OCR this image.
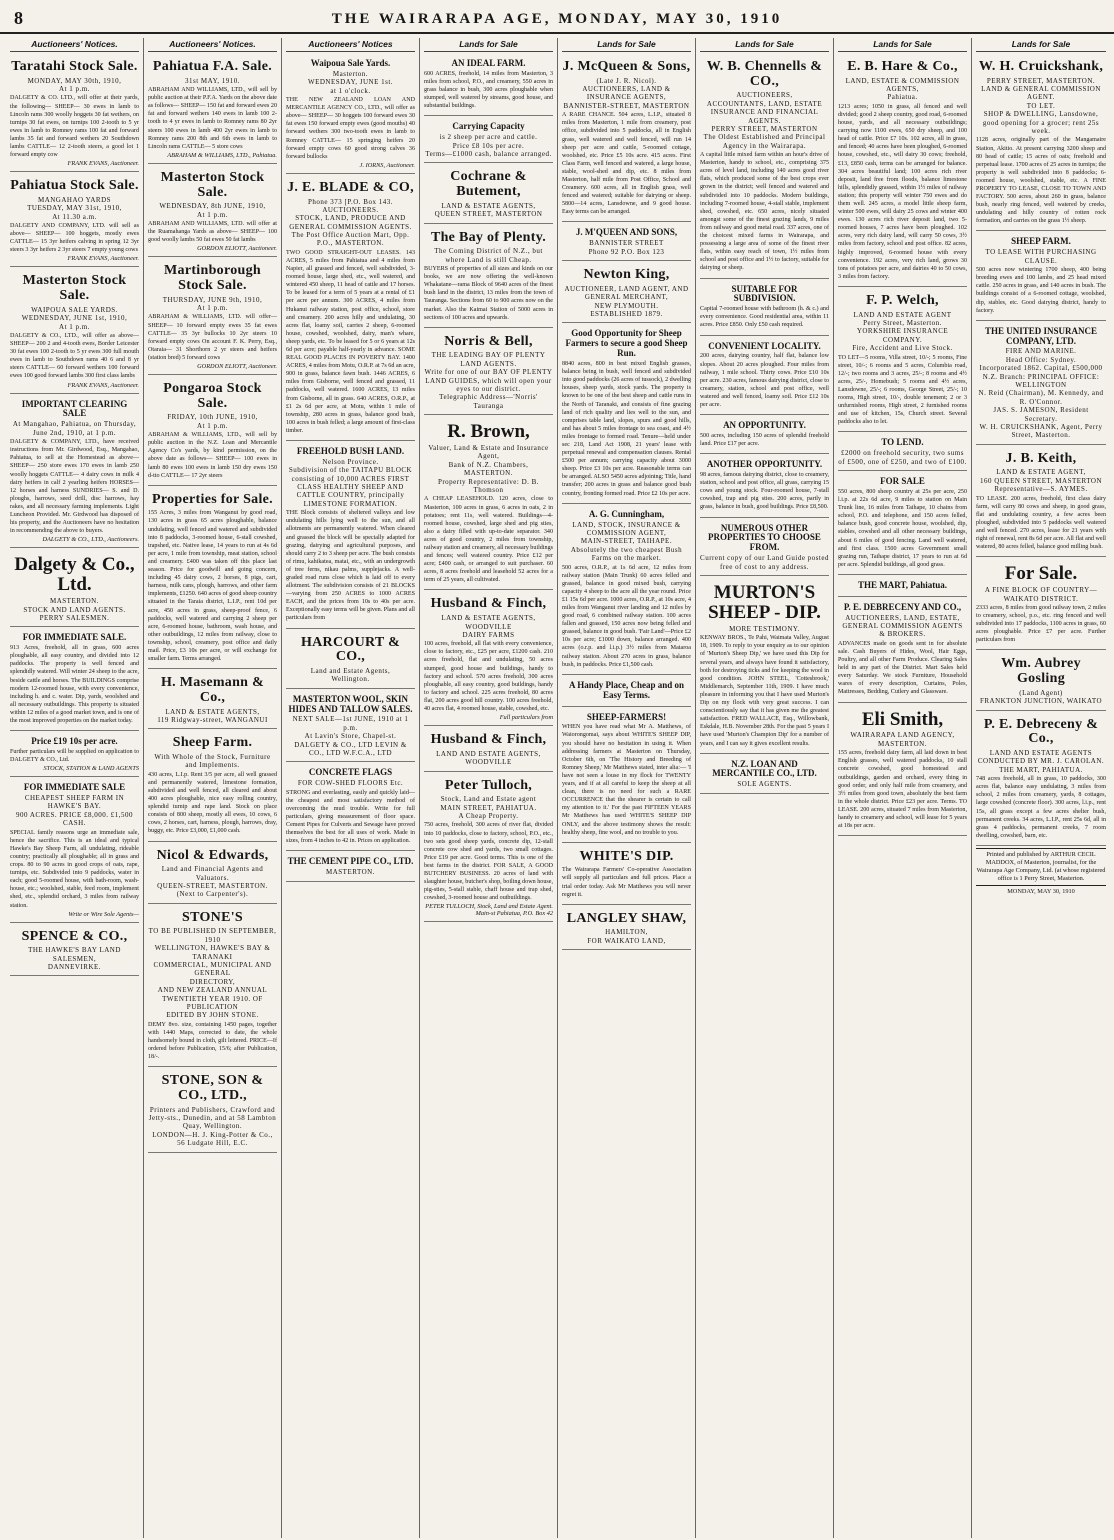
8	THE WAIRARAPA AGE, MONDAY, MAY 30, 1910
Auctioneers' Notices.
Taratahi Stock Sale.
MONDAY, MAY 30th, 1910,
At 1 p.m.
DALGETY & CO. LTD., will offer at their yards, the following— SHEEP— 30 ewes in lamb to Lincoln rams 300 woolly hoggets 30 fat wethers, on turnips 30 fat ewes, on turnips 100 2-tooth to 5 yr ewes in lamb to Romney rams 100 fat and forward lambs 35 fat and forward wethers 20 Southdown lambs CATTLE— 12 2-tooth steers, a good lot 1 forward empty cow
FRANK EVANS, Auctioneer.
Pahiatua Stock Sale.
MANGAHAO YARDS
TUESDAY, MAY 31st, 1910,
At 11.30 a.m.
DALGETY AND COMPANY, LTD. will sell as above— SHEEP— 100 hoggets, mostly ewes CATTLE— 15 3yr heifers calving in spring 12 3yr steers 3 3yr heifers 2 3yr steers 7 empty young cows
FRANK EVANS, Auctioneer.
Masterton Stock Sale.
WAIPOUA SALE YARDS.
WEDNESDAY, JUNE 1st, 1910,
At 1 p.m.
DALGETY & CO., LTD., will offer as above— SHEEP— 200 2 and 4-tooth ewes, Border Leicester 30 fat ewes 100 2-tooth to 5 yr ewes 300 full mouth ewes in lamb to Southdown rams 40 6 and 8 yr steers CATTLE— 60 forward wethers 100 forward ewes 100 good forward lambs 300 first class lambs
FRANK EVANS, Auctioneer.
IMPORTANT CLEARING SALE
At Mangahao, Pahiatua, on Thursday, June 2nd, 1910, at 1 p.m.
DALGETY & COMPANY, LTD., have received instructions from Mr. Girdwood, Esq., Mangahao, Pahiatua, to sell at the Homestead as above— SHEEP— 250 store ewes 170 ewes in lamb 250 woolly hoggets CATTLE— 4 dairy cows in milk 4 dairy heifers in calf 2 yearling heifers HORSES— 12 horses and harness SUNDRIES— S. and D. ploughs, harrows, seed drill, disc harrows, hay rakes, and all necessary farming implements. Light Luncheon Provided. Mr. Girdwood has disposed of his property, and the Auctioneers have no hesitation in recommending the above to buyers.
DALGETY & CO., LTD., Auctioneers.
Dalgety & Co., Ltd.
MASTERTON.
STOCK AND LAND AGENTS.
PERRY SALESMEN.
FOR IMMEDIATE SALE.
913 Acres, freehold, all in grass, 600 acres ploughable, all easy country, and divided into 12 paddocks. The property is well fenced and splendidly watered. Will winter 24 sheep to the acre, beside cattle and horses. The BUILDINGS comprise modern 12-roomed house, with every convenience, including h. and c. water. Dip, yards, woolshed and all necessary outbuildings. This property is situated within 12 miles of a good market town, and is one of the most improved properties on the market today.
Price £19 10s per acre.
Further particulars will be supplied on application to DALGETY & CO., Ltd.
STOCK, STATION & LAND AGENTS
FOR IMMEDIATE SALE
CHEAPEST SHEEP FARM IN HAWKE'S BAY.
900 ACRES. PRICE £8,000. £1,500 CASH.
SPECIAL family reasons urge an immediate sale, hence the sacrifice. This is an ideal and typical Hawke's Bay Sheep Farm, all undulating, rideable country; practically all ploughable; all in grass and crops. 80 to 90 acres in good crops of oats, rape, turnips, etc. Subdivided into 9 paddocks, water in each; good 5-roomed house, with bath-room, wash-house, etc.; woolshed, stable, feed room, implement shed, etc., splendid orchard, 3 miles from railway station.
Write or Wire Sole Agents—
SPENCE & CO.,
THE HAWKE'S BAY LAND SALESMEN,
DANNEVIRKE.
Auctioneers' Notices.
Pahiatua F.A. Sale.
31st MAY, 1910.
ABRAHAM AND WILLIAMS, LTD., will sell by public auction at their P.F.A. Yards on the above date as follows— SHEEP— 150 fat and forward ewes 20 fat and forward wethers 140 ewes in lamb 100 2-tooth to 4 yr ewes in lamb to Romney rams 80 2yr steers 100 ewes in lamb 400 2yr ewes in lamb to Romney rams 200 8th and 6th ewes in lamb to Lincoln rams CATTLE— 5 store cows
ABRAHAM & WILLIAMS, LTD., Pahiatua.
Masterton Stock Sale.
WEDNESDAY, 8th JUNE, 1910,
At 1 p.m.
ABRAHAM AND WILLIAMS, LTD. will offer at the Ruamahanga Yards as above— SHEEP— 100 good woolly lambs 50 fat ewes 50 fat lambs
GORDON ELIOTT, Auctioneer.
Martinborough Stock Sale.
THURSDAY, JUNE 9th, 1910,
At 1 p.m.
ABRAHAM & WILLIAMS, LTD. will offer— SHEEP— 10 forward empty ewes 35 fat ewes CATTLE— 35 3yr bullocks 10 2yr steers 10 forward empty cows On account F. K. Perry, Esq., Otaraia— 31 Shorthorn 2 yr steers and heifers (station bred) 5 forward cows
GORDON ELIOTT, Auctioneer.
Pongaroa Stock Sale.
FRIDAY, 10th JUNE, 1910,
At 1 p.m.
ABRAHAM & WILLIAMS, LTD., will sell by public auction in the N.Z. Loan and Mercantile Agency Co's yards, by kind permission, on the above date as follows— SHEEP— 100 ewes in lamb 80 ewes 100 ewes in lamb 150 dry ewes 150 d-tto CATTLE— 17 2yr steers
Properties for Sale.
155 Acres, 3 miles from Wanganui by good road, 130 acres in grass 65 acres ploughable, balance undulating, well fenced and watered and subdivided into 8 paddocks, 3-roomed house, 6-stall cowshed, trapshed, etc. Native lease, 14 years to run at 4s 6d per acre, 1 mile from township, meat station, school and creamery. £400 was taken off this place last season. Price for goodwill and going concern, including 45 dairy cows, 2 horses, 8 pigs, cart, harness, milk cans, plough, harrows, and other farm implements, £1250. 640 acres of good sheep country situated in the Taraia district, L.I.P., rent 10d per acre, 450 acres in grass, sheep-proof fence, 6 paddocks, well watered and carrying 2 sheep per acre, 6-roomed house, bathroom, wash house, and other outbuildings, 12 miles from railway, close to township, school, creamery, post office and daily mail. Price, £3 10s per acre, or will exchange for smaller farm. Terms arranged.
H. Masemann & Co.,
LAND & ESTATE AGENTS,
119 Ridgway-street, WANGANUI
Sheep Farm.
With Whole of the Stock, Furniture and Implements.
430 acres, L.I.p. Rent 3/5 per acre, all well grassed and permanently watered, limestone formation, subdivided and well fenced, all cleared and about 400 acres ploughable, nice easy rolling country, splendid turnip and rape land. Stock on place consists of 800 sheep, mostly all ewes, 10 cows, 6 cows, 2 horses, cart, harness, plough, harrows, dray, buggy, etc. Price £3,000, £1,000 cash.
Nicol & Edwards,
Land and Financial Agents and Valuators.
QUEEN-STREET, MASTERTON. (Next to Carpenter's).
STONE'S
TO BE PUBLISHED IN SEPTEMBER, 1910
WELLINGTON, HAWKE'S BAY & TARANAKI
COMMERCIAL, MUNICIPAL AND GENERAL
DIRECTORY,
AND NEW ZEALAND ANNUAL
TWENTIETH YEAR 1910. OF PUBLICATION
EDITED BY JOHN STONE.
DEMY 8vo. size, containing 1450 pages, together with 1440 Maps, corrected to date, the whole handsomely bound in cloth, gilt lettered. PRICE—If ordered before Publication, 15/6; after Publication, 18/-.
STONE, SON & CO., LTD.,
Printers and Publishers, Crawford and Jetty-sts., Dunedin, and at 58 Lambton Quay, Wellington.
LONDON—H. J. King-Potter & Co., 56 Ludgate Hill, E.C.
Auctioneers' Notices
Waipoua Sale Yards.
Masterton.
WEDNESDAY, JUNE 1st.
at 1 o'clock.
THE NEW ZEALAND LOAN AND MERCANTILE AGENCY CO., LTD., will offer as above— SHEEP— 30 hoggets 100 forward ewes 30 fat ewes 150 forward empty ewes (good mouths) 40 forward wethers 300 two-tooth ewes in lamb to Romney CATTLE— 15 springing heifers 20 forward empty cows 60 good strong calves 36 forward bullocks
J. IORNS, Auctioneer.
J. E. BLADE & CO,
Phone 373 [P.O. Box 143.
AUCTIONEERS.
STOCK, LAND, PRODUCE AND GENERAL COMMISSION AGENTS.
The Post Office Auction Mart, Opp. P.O., MASTERTON.
TWO GOOD STRAIGHT-OUT LEASES. 143 ACRES, 5 miles from Pahiatua and 4 miles from Napier, all grassed and fenced, well subdivided, 3-roomed house, large shed, etc., well watered, and wintered 450 sheep, 11 head of cattle and 17 horses. To be leased for a term of 5 years at a rental of £1 per acre per annum. 300 ACRES, 4 miles from Hukanui railway station, post office, school, store and creamery. 200 acres hilly and undulating, 30 acres flat, loamy soil, carries 2 sheep, 6-roomed house, cowshed, woolshed, dairy, man's whare, sheep yards, etc. To be leased for 5 or 6 years at 12s 6d per acre; payable half-yearly in advance. SOME REAL GOOD PLACES IN POVERTY BAY. 1400 ACRES, 4 miles from Motu, O.R.P. at 7s 6d an acre, 900 in grass, balance fawn bush. 1446 ACRES, 6 miles from Gisborne, well fenced and grassed, 11 paddocks, well watered. 1600 ACRES, 13 miles from Gisborne, all in grass. 640 ACRES, O.R.P., at £1 2s 6d per acre, at Motu, within 1 mile of township, 280 acres in grass, balance good bush, 100 acres in bush felled; a large amount of first-class timber.
FREEHOLD BUSH LAND.
Nelson Province.
Subdivision of the TAITAPU BLOCK consisting of 10,000 ACRES FIRST CLASS HEALTHY SHEEP AND CATTLE COUNTRY, principally LIMESTONE FORMATION.
THE Block consists of sheltered valleys and low undulating hills lying well to the sun, and all allotments are permanently watered. When cleared and grassed the block will be specially adapted for grazing, dairying and agricultural purposes, and should carry 2 to 3 sheep per acre. The bush consists of rimu, kahikatea, matai, etc., with an undergrowth of tree ferns, nikau palms, supplejacks. A well-graded road runs close which is laid off to every allotment. The subdivision consists of 21 BLOCKS—varying from 250 ACRES to 1000 ACRES EACH, and the prices from 10s to 40s per acre. Exceptionally easy terms will be given. Plans and all particulars from
HARCOURT & CO.,
Land and Estate Agents,
Wellington.
MASTERTON WOOL, SKIN HIDES AND TALLOW SALES.
NEXT SALE—1st JUNE, 1910 at 1 p.m.
At Lavin's Store, Chapel-st.
DALGETY & CO., LTD LEVIN & CO., LTD W.F.C.A., LTD
CONCRETE FLAGS
FOR COW-SHED FLOORS Etc.
STRONG and everlasting, easily and quickly laid—the cheapest and most satisfactory method of overcoming the mud trouble. Write for full particulars, giving measurement of floor space. Cement Pipes for Culverts and Sewage have proved themselves the best for all uses of work. Made in sizes, from 4 inches to 42 in. Prices on application.
THE CEMENT PIPE CO., LTD.
MASTERTON.
Lands for Sale
AN IDEAL FARM.
600 ACRES, freehold, 14 miles from Masterton, 3 miles from school, P.O., and creamery, 550 acres in grass balance in bush, 300 acres ploughable when stumped, well watered by streams, good house, and substantial buildings.
Carrying Capacity
is 2 sheep per acre and cattle.
Price £8 10s per acre.
Terms—£1000 cash, balance arranged.
Cochrane & Butement,
LAND & ESTATE AGENTS,
QUEEN STREET, MASTERTON
The Bay of Plenty.
The Coming District of N.Z., but where Land is still Cheap.
BUYERS of properties of all sizes and kinds on our books, we are now offering the well-known Whakatane—rama Block of 9640 acres of the finest bush land in the district, 13 miles from the town of Tauranga. Sections from 60 to 900 acres now on the market. Also the Kaimai Station of 5000 acres in sections of 100 acres and upwards.
Norris & Bell,
THE LEADING BAY OF PLENTY LAND AGENTS.
Write for one of our BAY OF PLENTY LAND GUIDES, which will open your eyes to our district.
Telegraphic Address—'Norris' Tauranga
R. Brown,
Valuer, Land & Estate and Insurance Agent,
Bank of N.Z. Chambers, MASTERTON.
Property Representative: D. B. Thomson
A CHEAP LEASEHOLD. 120 acres, close to Masterton, 100 acres in grass, 6 acres in oats, 2 in potatoes; rent 11s, well watered. Buildings—4-roomed house, cowshed, large shed and pig sties, also a dairy filled with up-to-date separator. 340 acres of good country, 2 miles from township, railway station and creamery, all necessary buildings and fences; well watered country. Price £12 per acre; £400 cash, or arranged to suit purchaser. 60 acres, 8 acres freehold and leasehold 52 acres for a term of 25 years, all cultivated.
Husband & Finch,
LAND & ESTATE AGENTS,
WOODVILLE
DAIRY FARMS
100 acres, freehold, all flat with every convenience, close to factory, etc., £25 per acre, £1200 cash. 210 acres freehold, flat and undulating, 50 acres stumped, good house and buildings, handy to factory and school. 570 acres freehold, 300 acres ploughable, all easy country, good buildings, handy to factory and school. 225 acres freehold, 80 acres flat, 200 acres good hill country. 100 acres freehold, 40 acres flat, 4 roomed house, stable, cowshed, etc.
Full particulars from
Husband & Finch,
LAND AND ESTATE AGENTS,
WOODVILLE
Peter Tulloch,
Stock, Land and Estate agent
MAIN STREET, PAHIATUA.
A Cheap Property.
750 acres, freehold, 300 acres of river flat, divided into 10 paddocks, close to factory, school, P.O., etc., two sets good sheep yards, concrete dip, 12-stall concrete cow shed and yards, two small cottages. Price £19 per acre. Good terms. This is one of the best farms in the district. FOR SALE, A GOOD BUTCHERY BUSINESS. 20 acres of land with slaughter house, butcher's shop, boiling down house, pig-sties, 5-stall stable, chaff house and trap shed, cowshed, 3-roomed house and outbuildings.
PETER TULLOCH, Stock, Land and Estate Agent. Main-st Pahiatua, P.O. Box 42
Lands for Sale
J. McQueen & Sons,
(Late J. R. Nicol).
AUCTIONEERS, LAND & INSURANCE AGENTS,
BANNISTER-STREET, MASTERTON
A RARE CHANCE. 504 acres, L.I.P., situated 8 miles from Masterton, 1 mile from creamery, post office, subdivided into 5 paddocks, all in English grass, well watered and well fenced, will run 14 sheep per acre and cattle, 5-roomed cottage, woolshed, etc. Price £5 10s acre. 415 acres. First Class Farm, well fenced and watered, a large house, stable, wool-shed and dip, etc. 8 miles from Masterton, half mile from Post Office, School and Creamery. 600 acres, all in English grass, well fenced and watered; suitable for dairying or sheep. 5800—14 acres, Lansdowne, and 9 good house. Easy terms can be arranged.
J. M'QUEEN AND SONS,
BANNISTER STREET
Phone 92 P.O. Box 123
Newton King,
AUCTIONEER, LAND AGENT, AND GENERAL MERCHANT,
NEW PLYMOUTH.
ESTABLISHED 1879.
Good Opportunity for Sheep Farmers to secure a good Sheep Run.
8840 acres, 800 in best mixed English grasses, balance being in bush, well fenced and subdivided into good paddocks (26 acres of tussock), 2 dwelling houses, sheep yards, stock yards. The property is known to be one of the best sheep and cattle runs in the North of Taranaki, and consists of fine grazing land of rich quality and lies well to the sun, and comprises table land, slopes, spurs and good hills, and has about 5 miles frontage to sea coast, and 4½ miles frontage to formed road. Tenure—held under sec 218, Land Act 1908, 21 years' lease with perpetual renewal and compensation clauses. Rental £500 per annum; carrying capacity about 3000 sheep. Price £3 10s per acre. Reasonable terms can be arranged. ALSO 5450 acres adjoining; Title, hand transfer; 200 acres in grass and balance good bush country, fronting formed road. Price £2 10s per acre.
A. G. Cunningham,
LAND, STOCK, INSURANCE & COMMISSION AGENT,
MAIN-STREET, TAIHAPE.
Absolutely the two cheapest Bush Farms on the market.
500 acres, O.R.P., at 1s 6d acre, 12 miles from railway station (Main Trunk) 60 acres felled and grassed, balance in good mixed bush, carrying capacity 4 sheep to the acre all the year round. Price £1 15s 6d per acre. 1000 acres, O.R.P., at 10s acre, 4 miles from Wanganui river landing and 12 miles by good road, 6 combined railway station. 100 acres fallen and grassed, 150 acres now being felled and grassed, balance in good bush. 'Fair Land'—Price £2 10s per acre; £1000 down, balance arranged. 400 acres (o.r.p. and l.i.p.) 3½ miles from Mataroa railway station. About 270 acres in grass, balance bush, in paddocks. Price £1,500 cash.
A Handy Place, Cheap and on Easy Terms.
SHEEP-FARMERS!
WHEN you have read what Mr A. Matthews, of Waiorongomai, says about WHITE'S SHEEP DIP, you should have no hesitation in using it. When addressing farmers at Masterton on Thursday, October 6th, on 'The History and Breeding of Romney Sheep,' Mr Matthews stated, inter alia:— 'I have not seen a louse in my flock for TWENTY years, and if at all careful to keep the sheep at all clean, there is no need for such a RARE OCCURRENCE that the shearer is certain to call my attention to it.' For the past FIFTEEN YEARS Mr Matthews has used WHITE'S SHEEP DIP ONLY, and the above testimony shows the result: healthy sheep, fine wool, and no trouble to you.
WHITE'S DIP.
The Wairarapa Farmers' Co-operative Association will supply all particulars and full prices. Place a trial order today. Ask Mr Matthews you will never regret it.
LANGLEY SHAW,
HAMILTON,
FOR WAIKATO LAND,
Lands for Sale
W. B. Chennells & CO.,
AUCTIONEERS,
ACCOUNTANTS, LAND, ESTATE INSURANCE AND FINANCIAL AGENTS.
PERRY STREET, MASTERTON
The Oldest Established and Principal Agency in the Wairarapa.
A capital little mixed farm within an hour's drive of Masterton, handy to school, etc., comprising 375 acres of level land, including 140 acres good river flats, which produced some of the best crops ever grown in the district; well fenced and watered and subdivided into 10 paddocks. Modern buildings, including 7-roomed house, 4-stall stable, implement shed, cowshed, etc. 650 acres, nicely situated amongst some of the finest grazing lands, 9 miles from railway and good metal road. 337 acres, one of the choicest mixed farms in Wairarapa, and possessing a large area of some of the finest river flats, within easy reach of town, 1½ miles from school and post office and 1½ to factory, suitable for dairying or sheep.
SUITABLE FOR SUBDIVISION.
Capital 7-roomed house with bathroom (h. & c.) and every convenience. Good residential area, within 11 acres. Price £850. Only £50 cash required.
CONVENIENT LOCALITY.
200 acres, dairying country, half flat, balance low slopes. About 20 acres ploughed. Four miles from railway, 1 mile school. Thirty cows. Price £10 10s per acre. 230 acres, famous dairying district, close to creamery, station, school and post office, well watered and well fenced, loamy soil. Price £12 10s per acre.
AN OPPORTUNITY.
500 acres, including 150 acres of splendid freehold land. Price £17 per acre.
ANOTHER OPPORTUNITY.
98 acres, famous dairying district, close to creamery, station, school and post office, all grass, carrying 15 cows and young stock. Four-roomed house, 7-stall cowshed, trap and pig sties. 200 acres, partly in grass, balance in bush, good buildings. Price £8,500.
NUMEROUS OTHER PROPERTIES TO CHOOSE FROM.
Current copy of our Land Guide posted free of cost to any address.
MURTON'S SHEEP - DIP.
MORE TESTIMONY.
KENWAY BROS., Te Pahi, Waimata Valley, August 18, 1909. To reply to your enquiry as to our opinion of 'Murton's Sheep Dip,' we have used this Dip for several years, and always have found it satisfactory, both for destroying ticks and for keeping the wool in good condition. JOHN STEEL, 'Cottesbrook,' Middlemarch, September 11th, 1909. I have much pleasure in informing you that I have used Murton's Dip on my flock with very great success. I can conscientiously say that it has given me the greatest satisfaction. FRED WALLACE, Esq., Willowbank, Eskdale, H.B. November 28th. For the past 5 years I have used 'Murton's Champion Dip' for a number of years, and I can say it gives excellent results.
N.Z. LOAN AND MERCANTILE CO., LTD.
SOLE AGENTS.
Lands for Sale
E. B. Hare & Co.,
LAND, ESTATE & COMMISSION AGENTS,
Pahiatua.
1213 acres; 1050 in grass, all fenced and well divided; good 2 sheep country, good road, 6-roomed house, yards, and all necessary outbuildings; carrying now 1100 ewes, 650 dry sheep, and 100 head of cattle. Price £7 10s. 102 acres, all in grass, and fenced; 40 acres have been ploughed, 6-roomed house, cowshed, etc., will dairy 30 cows; freehold, £13, £850 cash, terms can be arranged for balance. 304 acres beautiful land; 100 acres rich river deposit, land free from floods, balance limestone hills, splendidly grassed, within 1½ miles of railway station; this property will winter 750 ewes and do them well. 245 acres, a model little sheep farm, winter 500 ewes, will dairy 25 cows and winter 400 ewes. 130 acres rich river deposit land, two 5-roomed houses, 7 acres have been ploughed. 102 acres, very rich dairy land, will carry 50 cows, 3½ miles from factory, school and post office. 82 acres, highly improved, 6-roomed house with every convenience. 192 acres, very rich land, grows 30 tons of potatoes per acre, and dairies 40 to 50 cows, 3 miles from factory.
F. P. Welch,
LAND AND ESTATE AGENT
Perry Street, Masterton.
YORKSHIRE INSURANCE COMPANY.
Fire, Accident and Live Stock.
TO LET—5 rooms, Villa street, 10/-; 5 rooms, Fine street, 10/-; 6 rooms and 5 acres, Columbia road, 12/-; two rooms and 3 acres, 25/-; 8 rooms and 4½ acres, 25/-, Homebush; 5 rooms and 4½ acres, Lansdowne, 25/-; 6 rooms, George Street, 25/-; 10 rooms, High street, 10/-, double tenement; 2 or 3 unfurnished rooms, High street, 2 furnished rooms and use of kitchen, 15s, Church street. Several paddocks also to let.
TO LEND.
£2000 on freehold security, two sums of £500, one of £250, and two of £100.
FOR SALE
550 acres, 800 sheep country at 25s per acre, 250 l.i.p. at 22s 6d acre, 9 miles to station on Main Trunk line, 16 miles from Taihape, 10 chains from school, P.O. and telephone, and 150 acres felled, balance bush, good concrete house, woolshed, dip, stables, cowshed and all other necessary buildings, about 6 miles of good fencing. Land well watered, and first class. 1500 acres Government small grazing run, Taihape district, 17 years to run at 6d per acre. Splendid buildings, all good grass.
THE MART, Pahiatua.
P. E. DEBRECENY AND CO.,
AUCTIONEERS, LAND, ESTATE, GENERAL COMMISSION AGENTS
& BROKERS.
ADVANCES made on goods sent in for absolute sale. Cash Buyers of Hides, Wool, Hair Eggs, Poultry, and all other Farm Produce. Clearing Sales held in any part of the District. Mart Sales held every Saturday. We stock Furniture, Household wares of every description, Curtains, Poles, Mattresses, Bedding, Cutlery and Glassware.
Eli Smith,
WAIRARAPA LAND AGENCY,
MASTERTON.
155 acres, freehold dairy farm, all laid down in best English grasses, well watered paddocks, 10 stall concrete cowshed, good homestead and outbuildings, garden and orchard, every thing in good order, and only half mile from creamery, and 3½ miles from good town, absolutely the best farm in the whole district. Price £23 per acre. Terms. TO LEASE. 200 acres, situated 7 miles from Masterton, handy to creamery and school, will lease for 5 years at 18s per acre.
Lands for Sale
W. H. Cruickshank,
PERRY STREET, MASTERTON.
LAND & GENERAL COMMISSION AGENT.
TO LET.
SHOP & DWELLING, Lansdowne, good opening for a grocer; rent 25s week.
1128 acres, originally part of the Mangamaire Station, Akitio. At present carrying 3200 sheep and 80 head of cattle; 15 acres of oats; freehold and perpetual lease. 1700 acres of 25 acres in turnips; the property is well subdivided into 8 paddocks; 6-roomed house, woolshed, stable, etc. A FINE PROPERTY TO LEASE, CLOSE TO TOWN AND FACTORY. 500 acres, about 260 in grass, balance bush, nearly ring fenced, well watered by creeks, undulating and hilly country of rotten rock formation, and carries on the grass 1½ sheep.
SHEEP FARM.
TO LEASE WITH PURCHASING CLAUSE.
500 acres now wintering 1700 sheep, 400 being breeding ewes and 100 lambs, and 25 head mixed cattle. 250 acres in grass, and 140 acres in bush. The buildings consist of a 6-roomed cottage, woolshed, dip, stables, etc. Good dairying district, handy to factory.
THE UNITED INSURANCE COMPANY, LTD.
FIRE AND MARINE.
Head Office: Sydney.
Incorporated 1862. Capital, £500,000
N.Z. Branch: PRINCIPAL OFFICE: WELLINGTON
N. Reid (Chairman), M. Kennedy, and R. O'Connor.
JAS. S. JAMESON, Resident Secretary.
W. H. CRUICKSHANK, Agent, Perry Street, Masterton.
J. B. Keith,
LAND & ESTATE AGENT,
160 QUEEN STREET, MASTERTON
Representative—S. AYMES.
TO LEASE. 200 acres, freehold, first class dairy farm, will carry 80 cows and sheep, in good grass, flat and undulating country, a few acres been ploughed, subdivided into 5 paddocks well watered and well fenced. 270 acres, lease for 21 years with right of renewal, rent 8s 6d per acre. All flat and well watered, 80 acres felled, balance good milling bush.
For Sale.
A FINE BLOCK OF COUNTRY—WAIKATO DISTRICT.
2333 acres, 8 miles from good railway town, 2 miles to creamery, school, p.o., etc. ring fenced and well subdivided into 17 paddocks, 1100 acres in grass, 60 acres ploughable. Price £7 per acre. Further particulars from
Wm. Aubrey Gosling
(Land Agent)
FRANKTON JUNCTION, WAIKATO
P. E. Debreceny & Co.,
LAND AND ESTATE AGENTS
CONDUCTED BY MR. J. CAROLAN.
THE MART, PAHIATUA.
748 acres freehold, all in grass, 10 paddocks, 300 acres flat, balance easy undulating, 3 miles from school, 2 miles from creamery, yards, 8 cottages, large cowshed (concrete floor). 300 acres, l.i.p., rent 15s, all grass except a few acres shelter bush, permanent creeks. 34 acres, L.I.P., rent 25s 6d, all in grass 4 paddocks, permanent creeks, 7 room dwelling, cowshed, barn, etc.
Printed and published by ARTHUR CECIL MADDOX, of Masterton, journalist, for the Wairarapa Age Company, Ltd. (at whose registered office is 1 Perry Street, Masterton.
MONDAY, MAY 30, 1910
